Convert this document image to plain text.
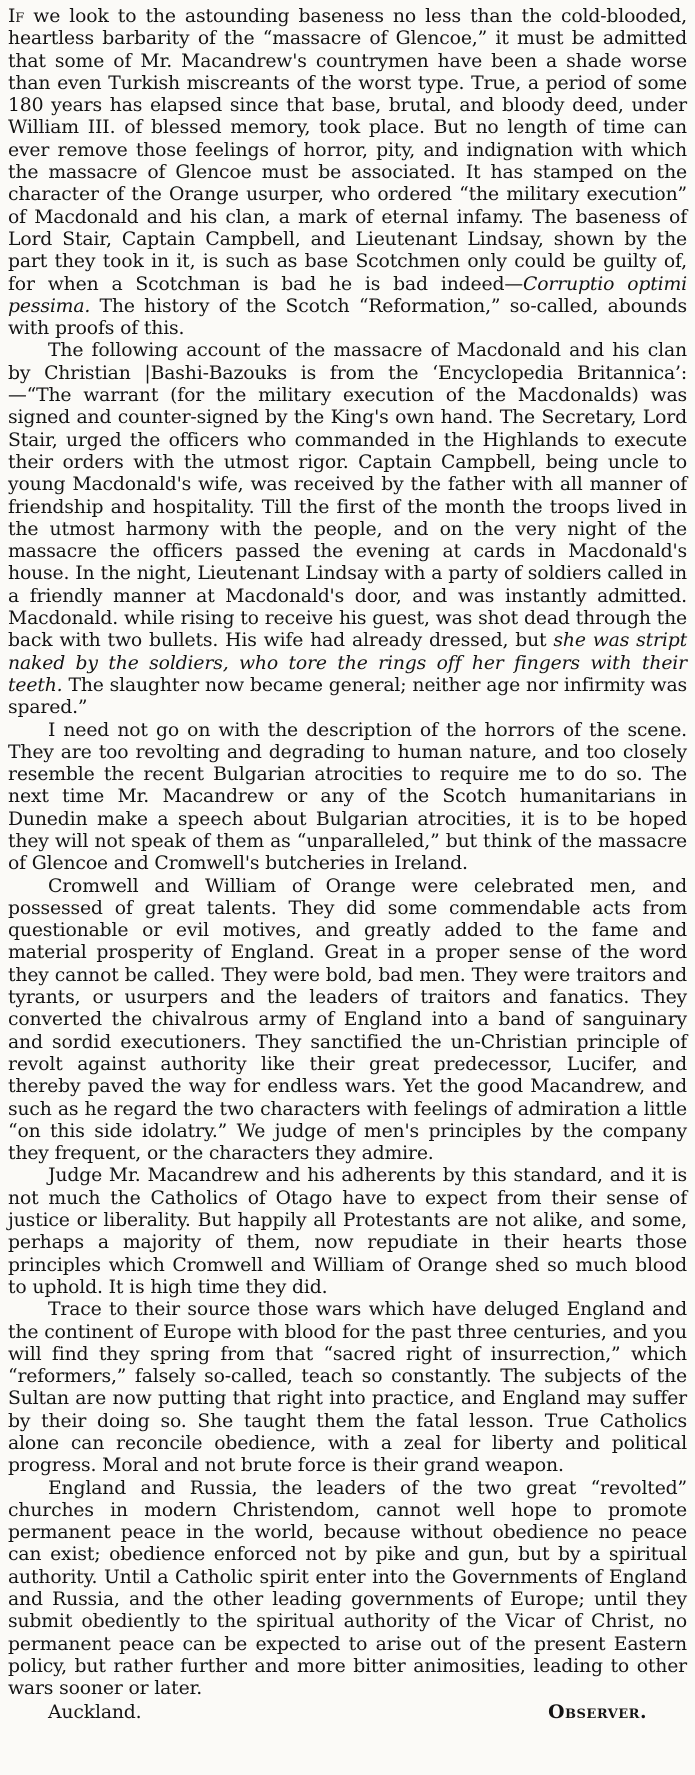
If we look to the astounding baseness no less than the cold-blooded, heartless barbarity of the “massacre of Glencoe,” it must be admitted that some of Mr. Macandrew's countrymen have been a shade worse than even Turkish miscreants of the worst type. True, a period of some 180 years has elapsed since that base, brutal, and bloody deed, under William III. of blessed memory, took place. But no length of time can ever remove those feelings of horror, pity, and indignation with which the massacre of Glencoe must be associated. It has stamped on the character of the Orange usurper, who ordered “the military execution” of Macdonald and his clan, a mark of eternal infamy. The baseness of Lord Stair, Captain Campbell, and Lieutenant Lindsay, shown by the part they took in it, is such as base Scotchmen only could be guilty of, for when a Scotchman is bad he is bad indeed—Corruptio optimi pessima. The history of the Scotch “Reformation,” so-called, abounds with proofs of this.

The following account of the massacre of Macdonald and his clan by Christian |Bashi-Bazouks is from the ‘Encyclopedia Britannica’:—“The warrant (for the military execution of the Macdonalds) was signed and counter-signed by the King's own hand. The Secretary, Lord Stair, urged the officers who commanded in the Highlands to execute their orders with the utmost rigor. Captain Campbell, being uncle to young Macdonald's wife, was received by the father with all manner of friendship and hospitality. Till the first of the month the troops lived in the utmost harmony with the people, and on the very night of the massacre the officers passed the evening at cards in Macdonald's house. In the night, Lieutenant Lindsay with a party of soldiers called in a friendly manner at Macdonald's door, and was instantly admitted. Macdonald. while rising to receive his guest, was shot dead through the back with two bullets. His wife had already dressed, but she was stript naked by the soldiers, who tore the rings off her fingers with their teeth. The slaughter now became general; neither age nor infirmity was spared.”

I need not go on with the description of the horrors of the scene. They are too revolting and degrading to human nature, and too closely resemble the recent Bulgarian atrocities to require me to do so. The next time Mr. Macandrew or any of the Scotch humanitarians in Dunedin make a speech about Bulgarian atrocities, it is to be hoped they will not speak of them as “unparalleled,” but think of the massacre of Glencoe and Cromwell's butcheries in Ireland.

Cromwell and William of Orange were celebrated men, and possessed of great talents. They did some commendable acts from questionable or evil motives, and greatly added to the fame and material prosperity of England. Great in a proper sense of the word they cannot be called. They were bold, bad men. They were traitors and tyrants, or usurpers and the leaders of traitors and fanatics. They converted the chivalrous army of England into a band of sanguinary and sordid executioners. They sanctified the un-Christian principle of revolt against authority like their great predecessor, Lucifer, and thereby paved the way for endless wars. Yet the good Macandrew, and such as he regard the two characters with feelings of admiration a little “on this side idolatry.” We judge of men's principles by the company they frequent, or the characters they admire.

Judge Mr. Macandrew and his adherents by this standard, and it is not much the Catholics of Otago have to expect from their sense of justice or liberality. But happily all Protestants are not alike, and some, perhaps a majority of them, now repudiate in their hearts those principles which Cromwell and William of Orange shed so much blood to uphold. It is high time they did.

Trace to their source those wars which have deluged England and the continent of Europe with blood for the past three centuries, and you will find they spring from that “sacred right of insurrection,” which “reformers,” falsely so-called, teach so constantly. The subjects of the Sultan are now putting that right into practice, and England may suffer by their doing so. She taught them the fatal lesson. True Catholics alone can reconcile obedience, with a zeal for liberty and political progress. Moral and not brute force is their grand weapon.

England and Russia, the leaders of the two great “revolted” churches in modern Christendom, cannot well hope to promote permanent peace in the world, because without obedience no peace can exist; obedience enforced not by pike and gun, but by a spiritual authority. Until a Catholic spirit enter into the Governments of England and Russia, and the other leading governments of Europe; until they submit obediently to the spiritual authority of the Vicar of Christ, no permanent peace can be expected to arise out of the present Eastern policy, but rather further and more bitter animosities, leading to other wars sooner or later.

Auckland.	Observer.
